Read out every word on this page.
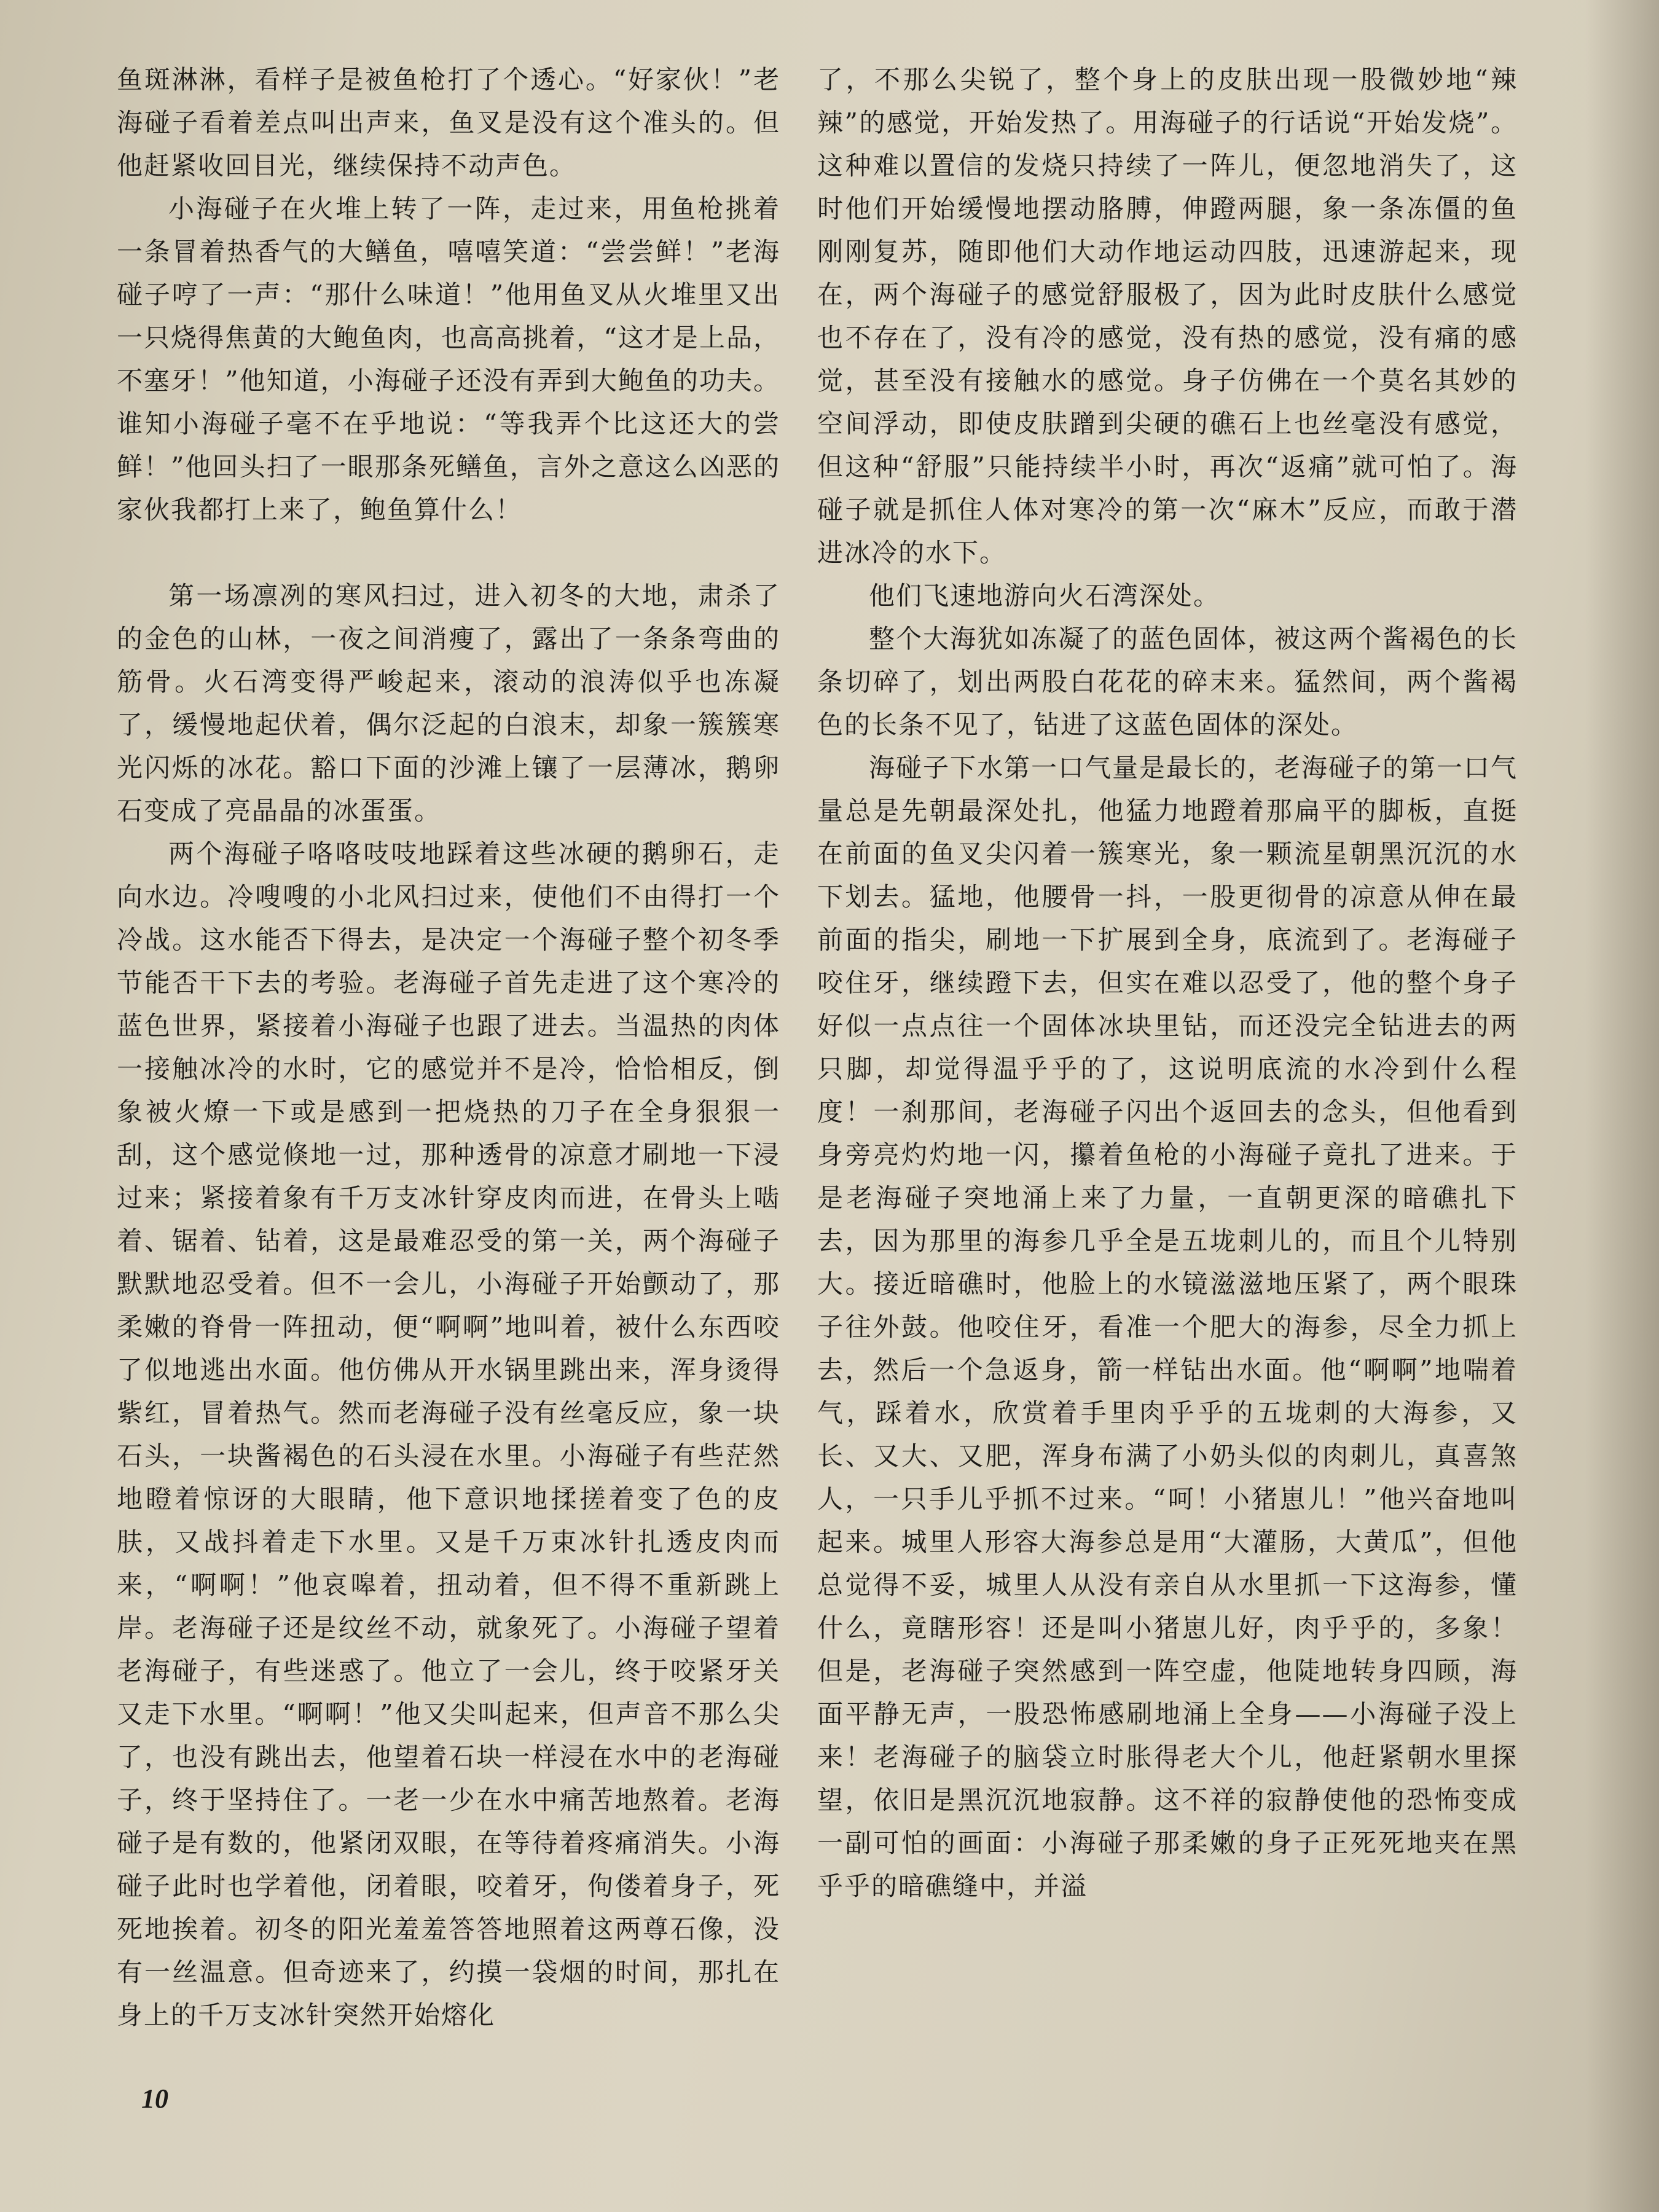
鱼斑淋淋，看样子是被鱼枪打了个透心。“好家伙！”老海碰子看着差点叫出声来，鱼叉是没有这个准头的。但他赶紧收回目光，继续保持不动声色。

小海碰子在火堆上转了一阵，走过来，用鱼枪挑着一条冒着热香气的大鳝鱼，嘻嘻笑道：“尝尝鲜！”老海碰子哼了一声：“那什么味道！”他用鱼叉从火堆里又出一只烧得焦黄的大鲍鱼肉，也高高挑着，“这才是上品，不塞牙！”他知道，小海碰子还没有弄到大鲍鱼的功夫。谁知小海碰子毫不在乎地说：“等我弄个比这还大的尝鲜！”他回头扫了一眼那条死鳝鱼，言外之意这么凶恶的家伙我都打上来了，鲍鱼算什么！

第一场凛冽的寒风扫过，进入初冬的大地，肃杀了的金色的山林，一夜之间消瘦了，露出了一条条弯曲的筋骨。火石湾变得严峻起来，滚动的浪涛似乎也冻凝了，缓慢地起伏着，偶尔泛起的白浪末，却象一簇簇寒光闪烁的冰花。豁口下面的沙滩上镶了一层薄冰，鹅卵石变成了亮晶晶的冰蛋蛋。

两个海碰子咯咯吱吱地踩着这些冰硬的鹅卵石，走向水边。冷嗖嗖的小北风扫过来，使他们不由得打一个冷战。这水能否下得去，是决定一个海碰子整个初冬季节能否干下去的考验。老海碰子首先走进了这个寒冷的蓝色世界，紧接着小海碰子也跟了进去。当温热的肉体一接触冰冷的水时，它的感觉并不是冷，恰恰相反，倒象被火燎一下或是感到一把烧热的刀子在全身狠狠一刮，这个感觉倏地一过，那种透骨的凉意才刷地一下浸过来；紧接着象有千万支冰针穿皮肉而进，在骨头上啮着、锯着、钻着，这是最难忍受的第一关，两个海碰子默默地忍受着。但不一会儿，小海碰子开始颤动了，那柔嫩的脊骨一阵扭动，便“啊啊”地叫着，被什么东西咬了似地逃出水面。他仿佛从开水锅里跳出来，浑身烫得紫红，冒着热气。然而老海碰子没有丝毫反应，象一块石头，一块酱褐色的石头浸在水里。小海碰子有些茫然地瞪着惊讶的大眼睛，他下意识地揉搓着变了色的皮肤，又战抖着走下水里。又是千万束冰针扎透皮肉而来，“啊啊！”他哀嗥着，扭动着，但不得不重新跳上岸。老海碰子还是纹丝不动，就象死了。小海碰子望着老海碰子，有些迷惑了。他立了一会儿，终于咬紧牙关又走下水里。“啊啊！”他又尖叫起来，但声音不那么尖了，也没有跳出去，他望着石块一样浸在水中的老海碰子，终于坚持住了。一老一少在水中痛苦地熬着。老海碰子是有数的，他紧闭双眼，在等待着疼痛消失。小海碰子此时也学着他，闭着眼，咬着牙，佝偻着身子，死死地挨着。初冬的阳光羞羞答答地照着这两尊石像，没有一丝温意。但奇迹来了，约摸一袋烟的时间，那扎在身上的千万支冰针突然开始熔化

了，不那么尖锐了，整个身上的皮肤出现一股微妙地“辣辣”的感觉，开始发热了。用海碰子的行话说“开始发烧”。这种难以置信的发烧只持续了一阵儿，便忽地消失了，这时他们开始缓慢地摆动胳膊，伸蹬两腿，象一条冻僵的鱼刚刚复苏，随即他们大动作地运动四肢，迅速游起来，现在，两个海碰子的感觉舒服极了，因为此时皮肤什么感觉也不存在了，没有冷的感觉，没有热的感觉，没有痛的感觉，甚至没有接触水的感觉。身子仿佛在一个莫名其妙的空间浮动，即使皮肤蹭到尖硬的礁石上也丝毫没有感觉，但这种“舒服”只能持续半小时，再次“返痛”就可怕了。海碰子就是抓住人体对寒冷的第一次“麻木”反应，而敢于潜进冰冷的水下。

他们飞速地游向火石湾深处。

整个大海犹如冻凝了的蓝色固体，被这两个酱褐色的长条切碎了，划出两股白花花的碎末来。猛然间，两个酱褐色的长条不见了，钻进了这蓝色固体的深处。

海碰子下水第一口气量是最长的，老海碰子的第一口气量总是先朝最深处扎，他猛力地蹬着那扁平的脚板，直挺在前面的鱼叉尖闪着一簇寒光，象一颗流星朝黑沉沉的水下划去。猛地，他腰骨一抖，一股更彻骨的凉意从伸在最前面的指尖，刷地一下扩展到全身，底流到了。老海碰子咬住牙，继续蹬下去，但实在难以忍受了，他的整个身子好似一点点往一个固体冰块里钻，而还没完全钻进去的两只脚，却觉得温乎乎的了，这说明底流的水冷到什么程度！一刹那间，老海碰子闪出个返回去的念头，但他看到身旁亮灼灼地一闪，攥着鱼枪的小海碰子竟扎了进来。于是老海碰子突地涌上来了力量，一直朝更深的暗礁扎下去，因为那里的海参几乎全是五垅刺儿的，而且个儿特别大。接近暗礁时，他脸上的水镜滋滋地压紧了，两个眼珠子往外鼓。他咬住牙，看准一个肥大的海参，尽全力抓上去，然后一个急返身，箭一样钻出水面。他“啊啊”地喘着气，踩着水，欣赏着手里肉乎乎的五垅刺的大海参，又长、又大、又肥，浑身布满了小奶头似的肉刺儿，真喜煞人，一只手儿乎抓不过来。“呵！小猪崽儿！”他兴奋地叫起来。城里人形容大海参总是用“大灌肠，大黄瓜”，但他总觉得不妥，城里人从没有亲自从水里抓一下这海参，懂什么，竟瞎形容！还是叫小猪崽儿好，肉乎乎的，多象！但是，老海碰子突然感到一阵空虚，他陡地转身四顾，海面平静无声，一股恐怖感刷地涌上全身——小海碰子没上来！老海碰子的脑袋立时胀得老大个儿，他赶紧朝水里探望，依旧是黑沉沉地寂静。这不祥的寂静使他的恐怖变成一副可怕的画面：小海碰子那柔嫩的身子正死死地夹在黑乎乎的暗礁缝中，并溢

10
